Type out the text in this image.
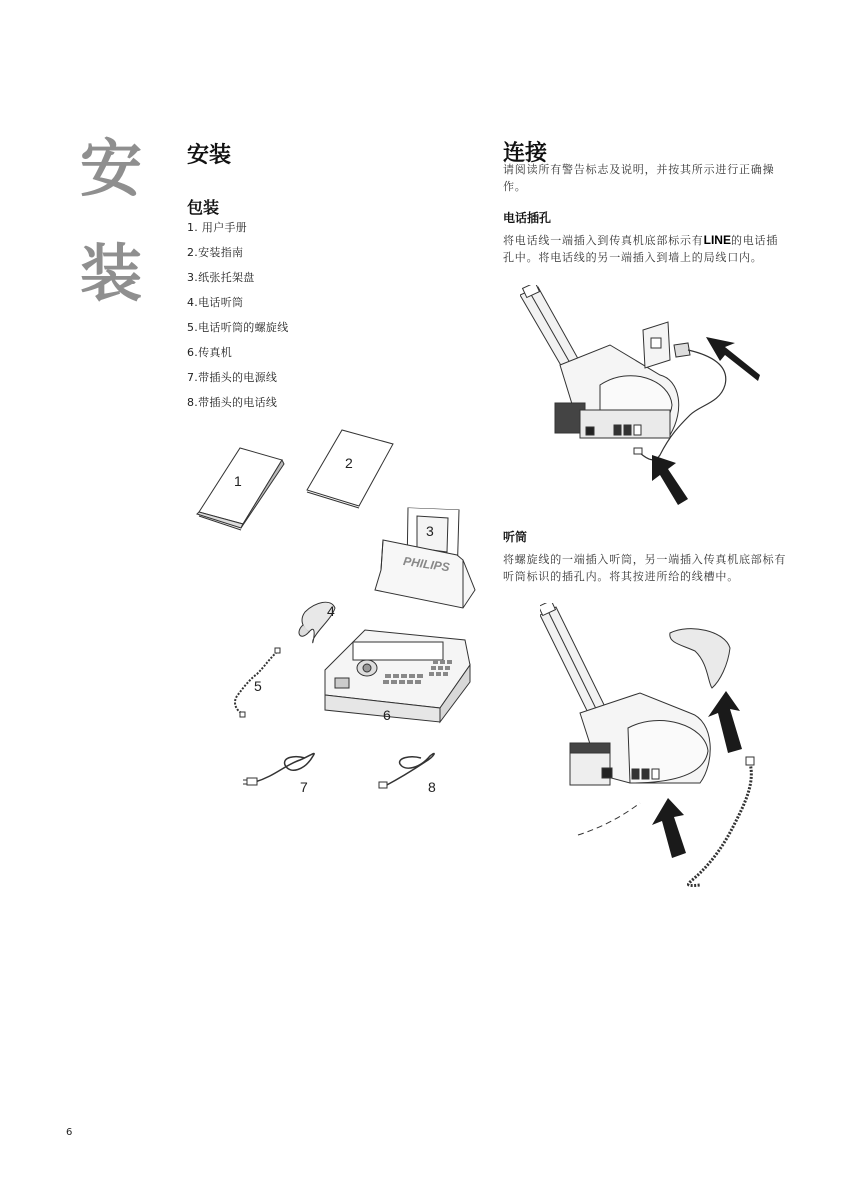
安
装
安装
包装
1. 用户手册
2.安装指南
3.纸张托架盘
4.电话听筒
5.电话听筒的螺旋线
6.传真机
7.带插头的电源线
8.带插头的电话线
PHILIPS
1
2
3
4
5
6
7	8
连接
请阅读所有警告标志及说明，并按其所示进行正确操作。
电话插孔
将电话线一端插入到传真机底部标示有LINE的电话插孔中。将电话线的另一端插入到墙上的局线口内。
听筒
将螺旋线的一端插入听筒，另一端插入传真机底部标有听筒标识的插孔内。将其按进所给的线槽中。
6
